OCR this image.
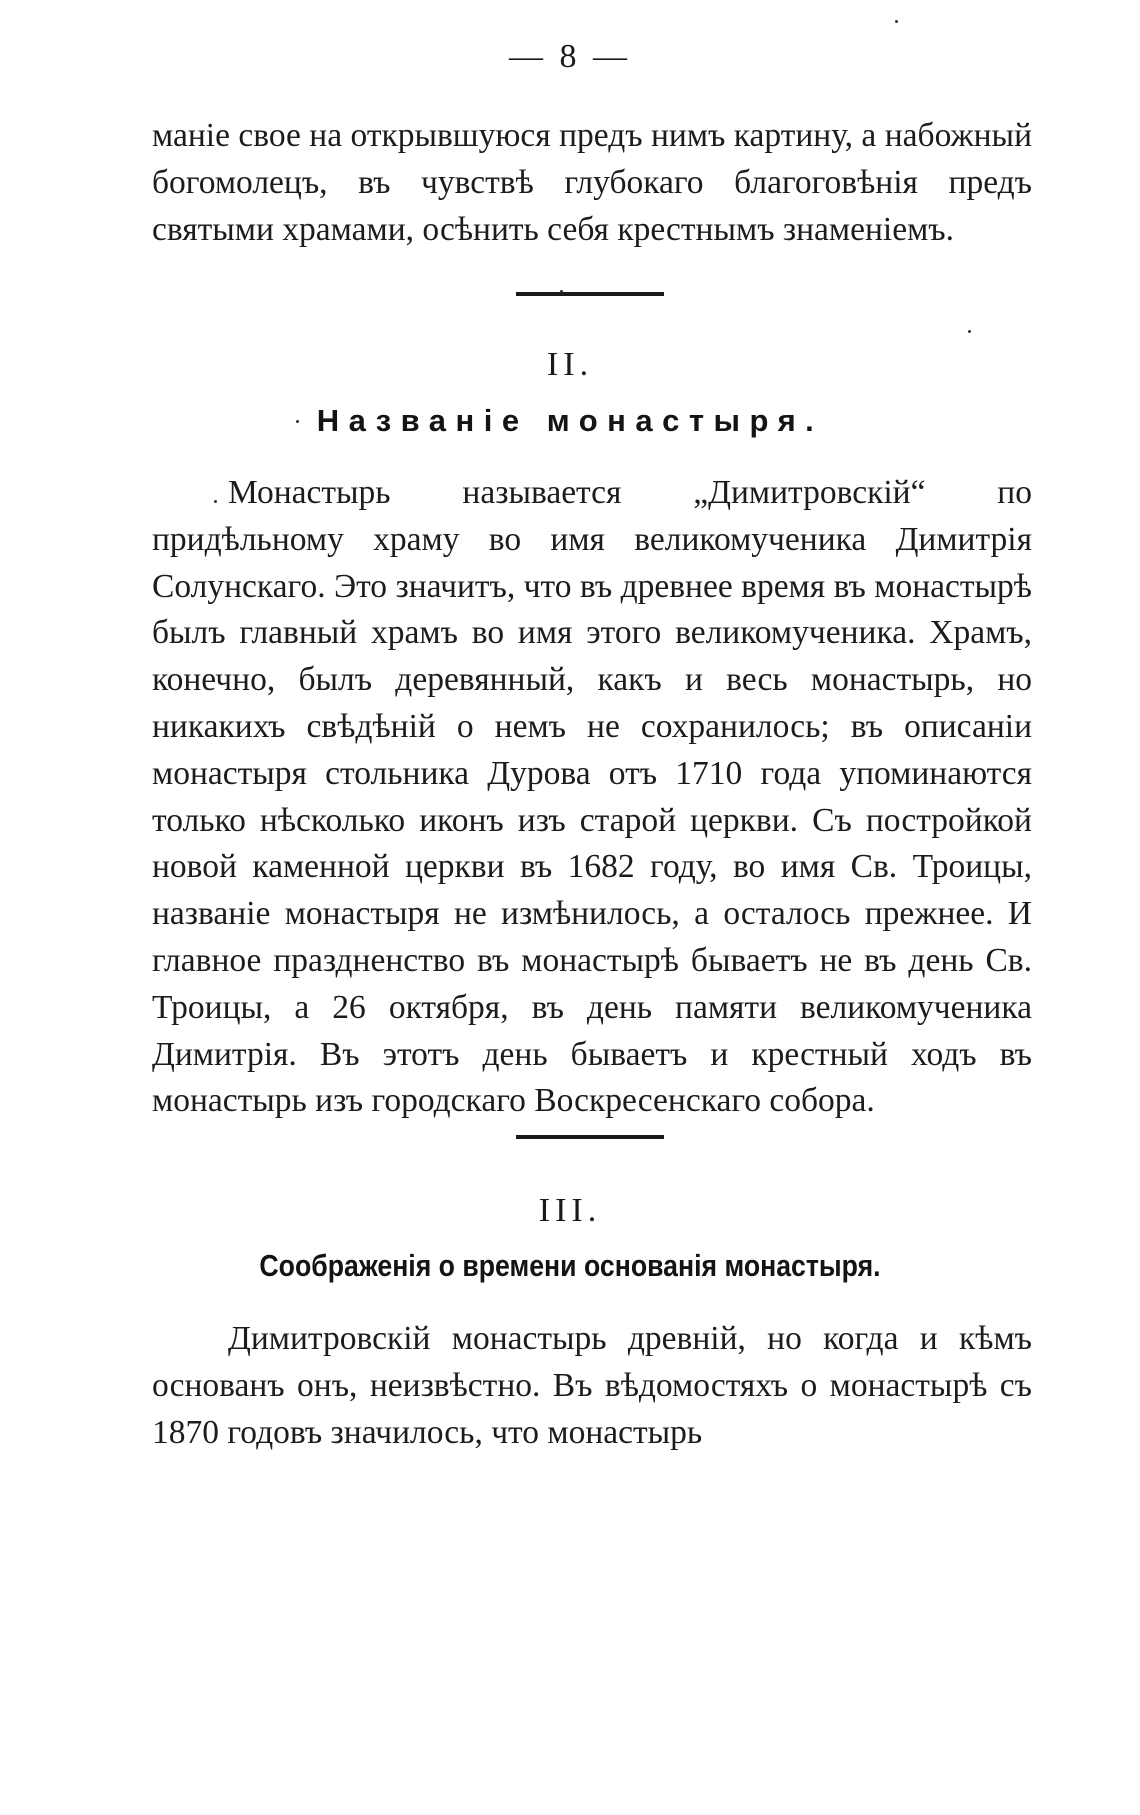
— 8 —

маніе свое на открывшуюся предъ нимъ картину, а набожный богомолецъ, въ чувствѣ глубокаго благоговѣнія предъ святыми храмами, осѣнить себя крестнымъ знаменіемъ.

II.
Названіе монастыря.

Монастырь называется „Димитровскій“ по придѣльному храму во имя великомученика Димитрія Солунскаго. Это значитъ, что въ древнее время въ монастырѣ былъ главный храмъ во имя этого великомученика. Храмъ, конечно, былъ деревянный, какъ и весь монастырь, но никакихъ свѣдѣній о немъ не сохранилось; въ описаніи монастыря стольника Дурова отъ 1710 года упоминаются только нѣсколько иконъ изъ старой церкви. Съ постройкой новой каменной церкви въ 1682 году, во имя Св. Троицы, названіе монастыря не измѣнилось, а осталось прежнее. И главное праздненство въ монастырѣ бываетъ не въ день Св. Троицы, а 26 октября, въ день памяти великомученика Димитрія. Въ этотъ день бываетъ и крестный ходъ въ монастырь изъ городскаго Воскресенскаго собора.

III.
Соображенія о времени основанія монастыря.

Димитровскій монастырь древній, но когда и кѣмъ основанъ онъ, неизвѣстно. Въ вѣдомостяхъ о монастырѣ съ 1870 годовъ значилось, что монастырь
